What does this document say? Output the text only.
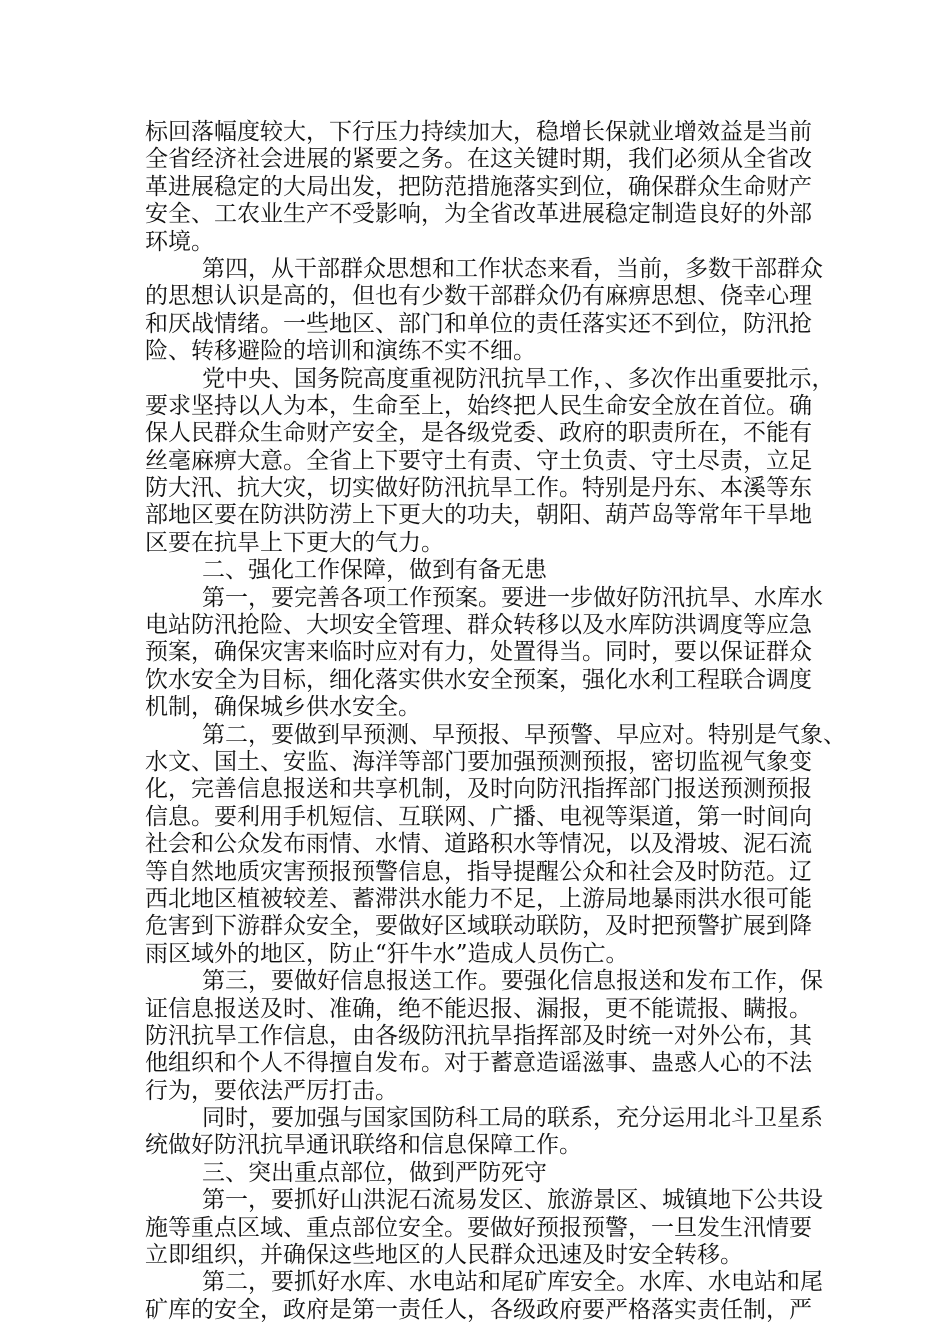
标回落幅度较大，下行压力持续加大，稳增长保就业增效益是当前
全省经济社会进展的紧要之务。在这关键时期，我们必须从全省改
革进展稳定的大局出发，把防范措施落实到位，确保群众生命财产
安全、工农业生产不受影响，为全省改革进展稳定制造良好的外部
环境。
第四，从干部群众思想和工作状态来看，当前，多数干部群众
的思想认识是高的，但也有少数干部群众仍有麻痹思想、侥幸心理
和厌战情绪。一些地区、部门和单位的责任落实还不到位，防汛抢
险、转移避险的培训和演练不实不细。
党中央、国务院高度重视防汛抗旱工作，、多次作出重要批示，
要求坚持以人为本，生命至上，始终把人民生命安全放在首位。确
保人民群众生命财产安全，是各级党委、政府的职责所在，不能有
丝毫麻痹大意。全省上下要守土有责、守土负责、守土尽责，立足
防大汛、抗大灾，切实做好防汛抗旱工作。特别是丹东、本溪等东
部地区要在防洪防涝上下更大的功夫，朝阳、葫芦岛等常年干旱地
区要在抗旱上下更大的气力。
二、强化工作保障，做到有备无患
第一，要完善各项工作预案。要进一步做好防汛抗旱、水库水
电站防汛抢险、大坝安全管理、群众转移以及水库防洪调度等应急
预案，确保灾害来临时应对有力，处置得当。同时，要以保证群众
饮水安全为目标，细化落实供水安全预案，强化水利工程联合调度
机制，确保城乡供水安全。
第二，要做到早预测、早预报、早预警、早应对。特别是气象、
水文、国土、安监、海洋等部门要加强预测预报，密切监视气象变
化，完善信息报送和共享机制，及时向防汛指挥部门报送预测预报
信息。要利用手机短信、互联网、广播、电视等渠道，第一时间向
社会和公众发布雨情、水情、道路积水等情况，以及滑坡、泥石流
等自然地质灾害预报预警信息，指导提醒公众和社会及时防范。辽
西北地区植被较差、蓄滞洪水能力不足，上游局地暴雨洪水很可能
危害到下游群众安全，要做好区域联动联防，及时把预警扩展到降
雨区域外的地区，防止“犴牛水”造成人员伤亡。
第三，要做好信息报送工作。要强化信息报送和发布工作，保
证信息报送及时、准确，绝不能迟报、漏报，更不能谎报、瞒报。
防汛抗旱工作信息，由各级防汛抗旱指挥部及时统一对外公布，其
他组织和个人不得擅自发布。对于蓄意造谣滋事、蛊惑人心的不法
行为，要依法严厉打击。
同时，要加强与国家国防科工局的联系，充分运用北斗卫星系
统做好防汛抗旱通讯联络和信息保障工作。
三、突出重点部位，做到严防死守
第一，要抓好山洪泥石流易发区、旅游景区、城镇地下公共设
施等重点区域、重点部位安全。要做好预报预警，一旦发生汛情要
立即组织，并确保这些地区的人民群众迅速及时安全转移。
第二，要抓好水库、水电站和尾矿库安全。水库、水电站和尾
矿库的安全，政府是第一责任人，各级政府要严格落实责任制，严
